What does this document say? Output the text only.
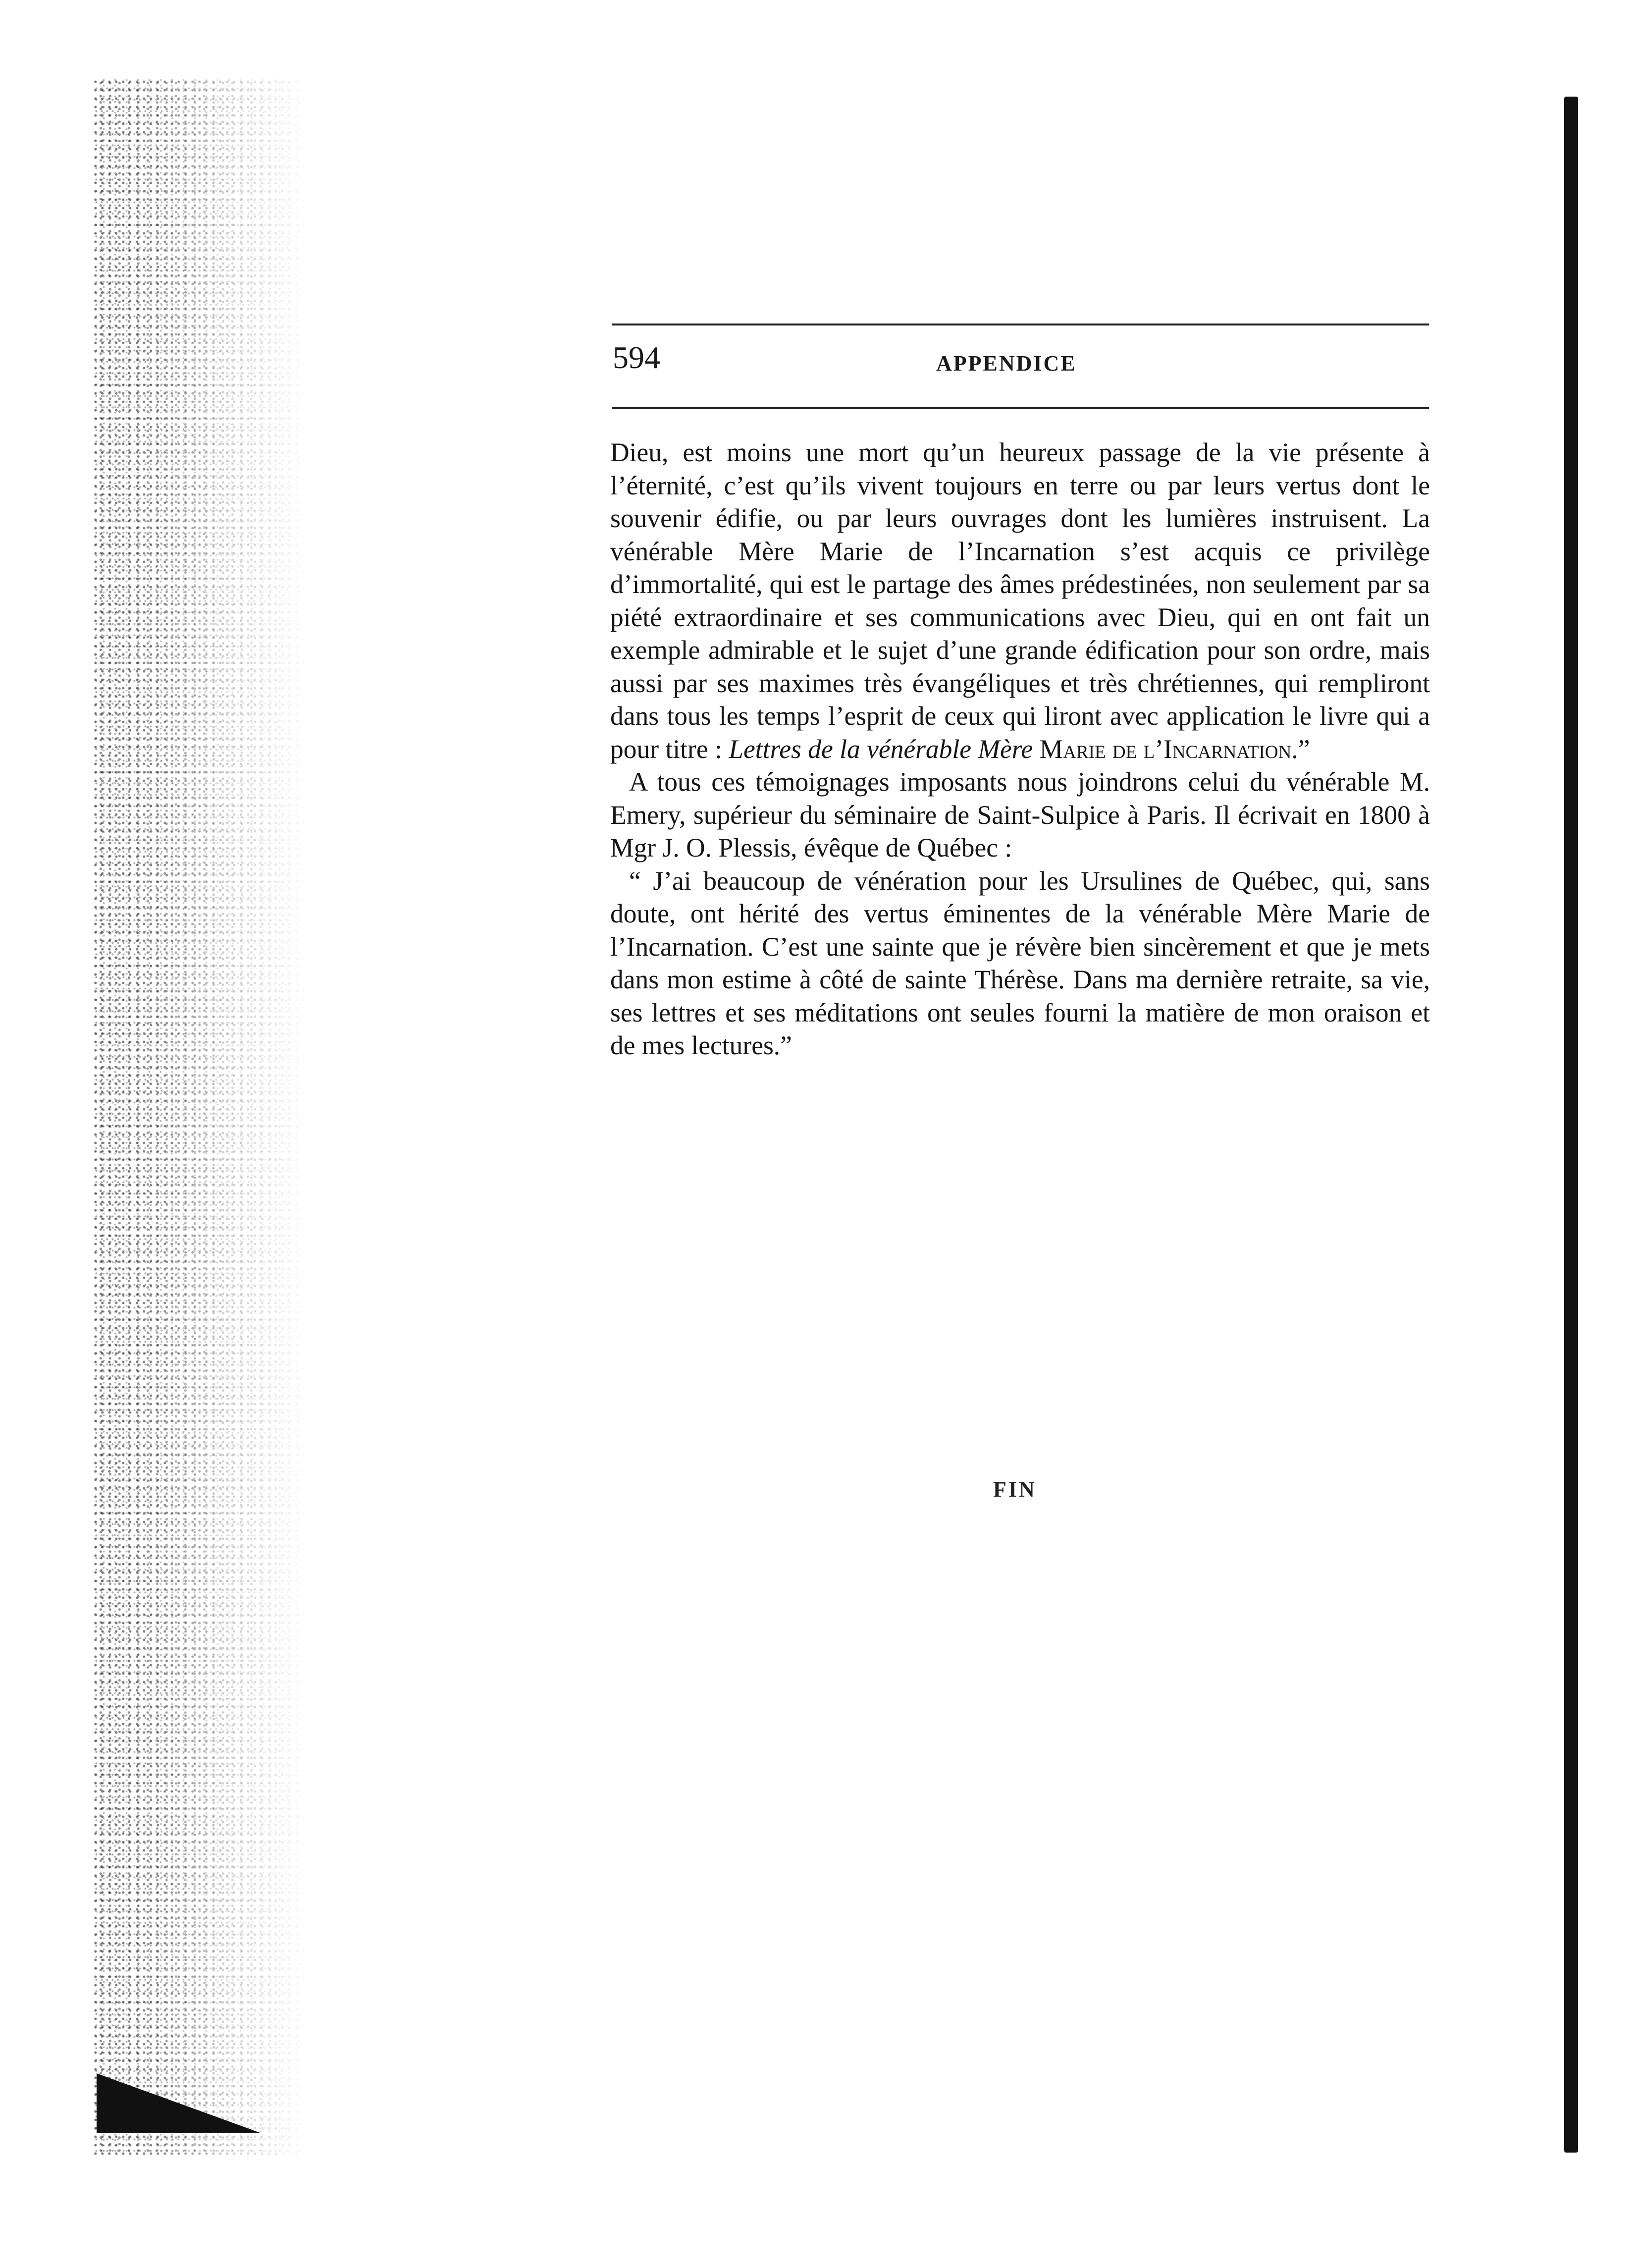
594	APPENDICE

Dieu, est moins une mort qu’un heureux passage de la vie présente à l’éternité, c’est qu’ils vivent toujours en terre ou par leurs vertus dont le souvenir édifie, ou par leurs ouvrages dont les lumières instruisent. La vénérable Mère Marie de l’Incarnation s’est acquis ce privilège d’immortalité, qui est le partage des âmes prédestinées, non seulement par sa piété extraordinaire et ses communications avec Dieu, qui en ont fait un exemple admirable et le sujet d’une grande édification pour son ordre, mais aussi par ses maximes très évangéliques et très chrétiennes, qui rempliront dans tous les temps l’esprit de ceux qui liront avec application le livre qui a pour titre : Lettres de la vénérable Mère Marie de l’Incarnation.”

A tous ces témoignages imposants nous joindrons celui du vénérable M. Emery, supérieur du séminaire de Saint-Sulpice à Paris. Il écrivait en 1800 à Mgr J. O. Plessis, évêque de Québec :

“ J’ai beaucoup de vénération pour les Ursulines de Québec, qui, sans doute, ont hérité des vertus éminentes de la vénérable Mère Marie de l’Incarnation. C’est une sainte que je révère bien sincèrement et que je mets dans mon estime à côté de sainte Thérèse. Dans ma dernière retraite, sa vie, ses lettres et ses méditations ont seules fourni la matière de mon oraison et de mes lectures.”

FIN
